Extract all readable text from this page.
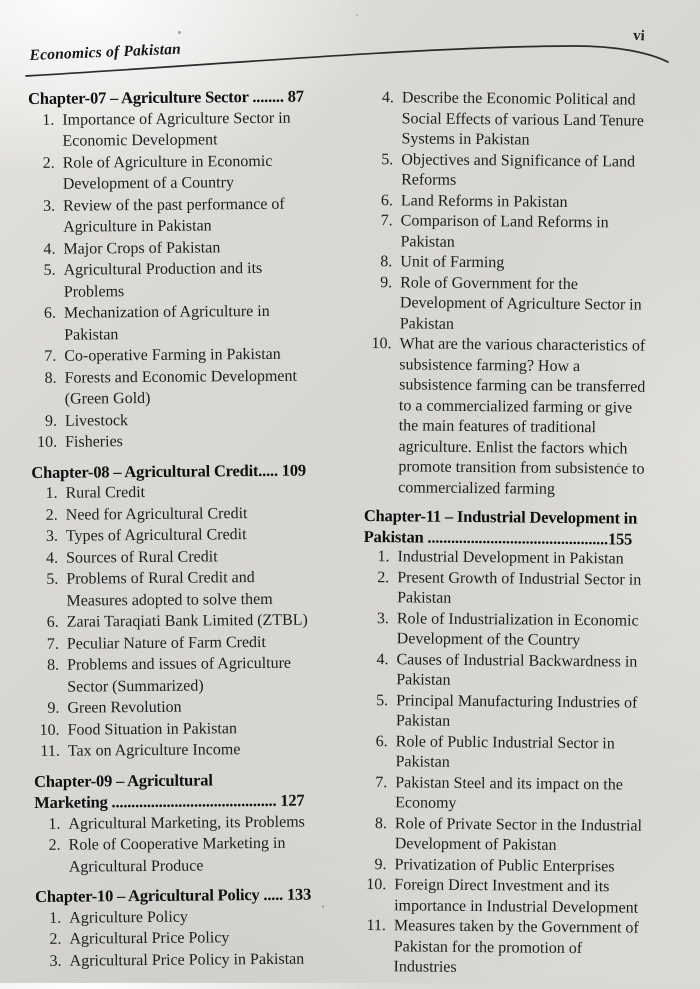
Economics of Pakistan
vi
Chapter-07 – Agriculture Sector ........ 87
1. Importance of Agriculture Sector in
Economic Development
2. Role of Agriculture in Economic
Development of a Country
3. Review of the past performance of
Agriculture in Pakistan
4. Major Crops of Pakistan
5. Agricultural Production and its
Problems
6. Mechanization of Agriculture in
Pakistan
7. Co-operative Farming in Pakistan
8. Forests and Economic Development
(Green Gold)
9. Livestock
10. Fisheries
Chapter-08 – Agricultural Credit..... 109
1. Rural Credit
2. Need for Agricultural Credit
3. Types of Agricultural Credit
4. Sources of Rural Credit
5. Problems of Rural Credit and
Measures adopted to solve them
6. Zarai Taraqiati Bank Limited (ZTBL)
7. Peculiar Nature of Farm Credit
8. Problems and issues of Agriculture
Sector (Summarized)
9. Green Revolution
10. Food Situation in Pakistan
11. Tax on Agriculture Income
Chapter-09 – Agricultural
Marketing .......................................... 127
1. Agricultural Marketing, its Problems
2. Role of Cooperative Marketing in
Agricultural Produce
Chapter-10 – Agricultural Policy ..... 133
1. Agriculture Policy
2. Agricultural Price Policy
3. Agricultural Price Policy in Pakistan
4. Describe the Economic Political and
Social Effects of various Land Tenure
Systems in Pakistan
5. Objectives and Significance of Land
Reforms
6. Land Reforms in Pakistan
7. Comparison of Land Reforms in
Pakistan
8. Unit of Farming
9. Role of Government for the
Development of Agriculture Sector in
Pakistan
10. What are the various characteristics of
subsistence farming? How a
subsistence farming can be transferred
to a commercialized farming or give
the main features of traditional
agriculture. Enlist the factors which
promote transition from subsistence to
commercialized farming
Chapter-11 – Industrial Development in
Pakistan ..............................................155
1. Industrial Development in Pakistan
2. Present Growth of Industrial Sector in
Pakistan
3. Role of Industrialization in Economic
Development of the Country
4. Causes of Industrial Backwardness in
Pakistan
5. Principal Manufacturing Industries of
Pakistan
6. Role of Public Industrial Sector in
Pakistan
7. Pakistan Steel and its impact on the
Economy
8. Role of Private Sector in the Industrial
Development of Pakistan
9. Privatization of Public Enterprises
10. Foreign Direct Investment and its
importance in Industrial Development
11. Measures taken by the Government of
Pakistan for the promotion of
Industries
